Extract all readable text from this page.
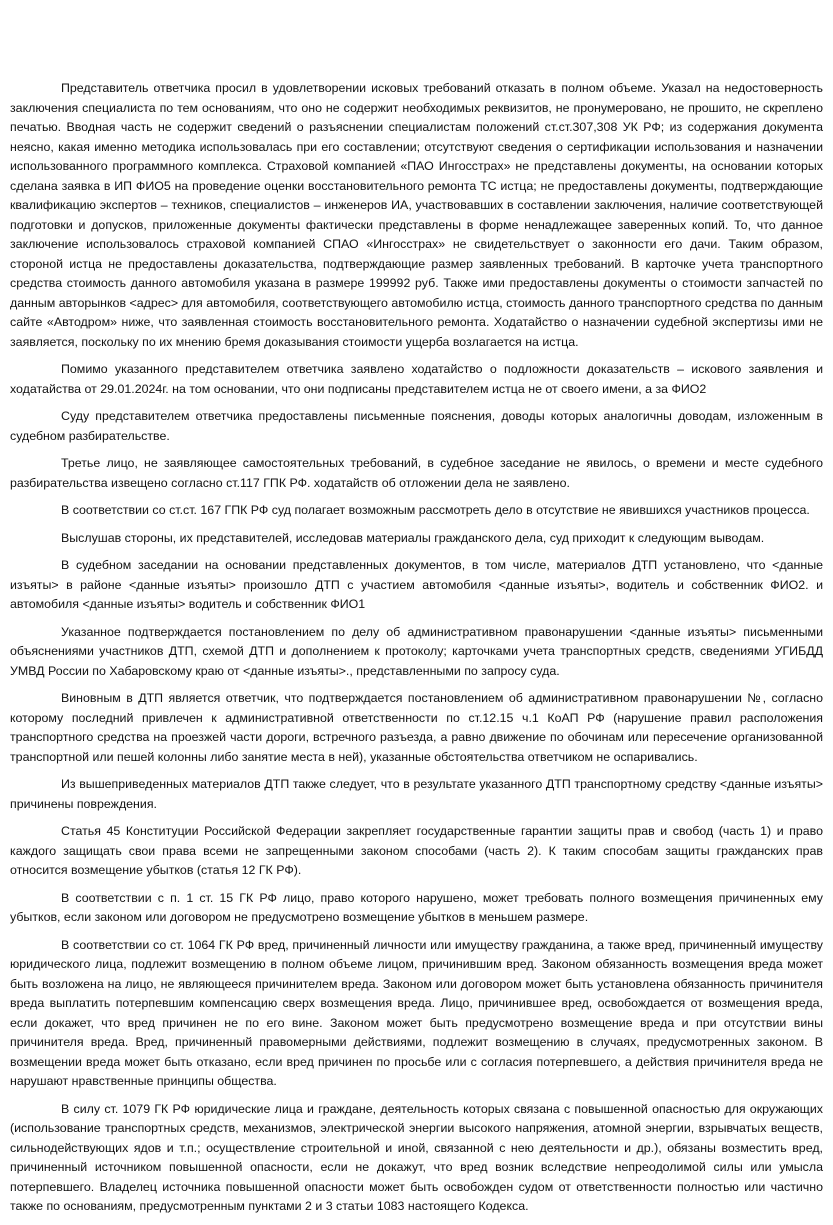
Представитель ответчика просил в удовлетворении исковых требований отказать в полном объеме. Указал на недостоверность заключения специалиста по тем основаниям, что оно не содержит необходимых реквизитов, не пронумеровано, не прошито, не скреплено печатью. Вводная часть не содержит сведений о разъяснении специалистам положений ст.ст.307,308 УК РФ; из содержания документа неясно, какая именно методика использовалась при его составлении; отсутствуют сведения о сертификации использования и назначении использованного программного комплекса. Страховой компанией «ПАО Ингосстрах» не представлены документы, на основании которых сделана заявка в ИП ФИО5 на проведение оценки восстановительного ремонта ТС истца; не предоставлены документы, подтверждающие квалификацию экспертов – техников, специалистов – инженеров ИА, участвовавших в составлении заключения, наличие соответствующей подготовки и допусков, приложенные документы фактически представлены в форме ненадлежащее заверенных копий. То, что данное заключение использовалось страховой компанией СПАО «Ингосстрах» не свидетельствует о законности его дачи. Таким образом, стороной истца не предоставлены доказательства, подтверждающие размер заявленных требований. В карточке учета транспортного средства стоимость данного автомобиля указана в размере 199992 руб. Также ими предоставлены документы о стоимости запчастей по данным авторынков <адрес> для автомобиля, соответствующего автомобилю истца, стоимость данного транспортного средства по данным сайте «Автодром» ниже, что заявленная стоимость восстановительного ремонта. Ходатайство о назначении судебной экспертизы ими не заявляется, поскольку по их мнению бремя доказывания стоимости ущерба возлагается на истца.

Помимо указанного представителем ответчика заявлено ходатайство о подложности доказательств – искового заявления и ходатайства от 29.01.2024г. на том основании, что они подписаны представителем истца не от своего имени, а за ФИО2

Суду представителем ответчика предоставлены письменные пояснения, доводы которых аналогичны доводам, изложенным в судебном разбирательстве.

Третье лицо, не заявляющее самостоятельных требований, в судебное заседание не явилось, о времени и месте судебного разбирательства извещено согласно ст.117 ГПК РФ. ходатайств об отложении дела не заявлено.

В соответствии со ст.ст. 167 ГПК РФ суд полагает возможным рассмотреть дело в отсутствие не явившихся участников процесса.

Выслушав стороны, их представителей, исследовав материалы гражданского дела, суд приходит к следующим выводам.

В судебном заседании на основании представленных документов, в том числе, материалов ДТП установлено, что <данные изъяты> в районе <данные изъяты> произошло ДТП с участием автомобиля <данные изъяты>, водитель и собственник ФИО2. и автомобиля <данные изъяты> водитель и собственник ФИО1

Указанное подтверждается постановлением по делу об административном правонарушении <данные изъяты> письменными объяснениями участников ДТП, схемой ДТП и дополнением к протоколу; карточками учета транспортных средств, сведениями УГИБДД УМВД России по Хабаровскому краю от <данные изъяты>., представленными по запросу суда.

Виновным в ДТП является ответчик, что подтверждается постановлением об административном правонарушении №, согласно которому последний привлечен к административной ответственности по ст.12.15 ч.1 КоАП РФ (нарушение правил расположения транспортного средства на проезжей части дороги, встречного разъезда, а равно движение по обочинам или пересечение организованной транспортной или пешей колонны либо занятие места в ней), указанные обстоятельства ответчиком не оспаривались.

Из вышеприведенных материалов ДТП также следует, что в результате указанного ДТП транспортному средству <данные изъяты> причинены повреждения.

Статья 45 Конституции Российской Федерации закрепляет государственные гарантии защиты прав и свобод (часть 1) и право каждого защищать свои права всеми не запрещенными законом способами (часть 2). К таким способам защиты гражданских прав относится возмещение убытков (статья 12 ГК РФ).

В соответствии с п. 1 ст. 15 ГК РФ лицо, право которого нарушено, может требовать полного возмещения причиненных ему убытков, если законом или договором не предусмотрено возмещение убытков в меньшем размере.

В соответствии со ст. 1064 ГК РФ вред, причиненный личности или имуществу гражданина, а также вред, причиненный имуществу юридического лица, подлежит возмещению в полном объеме лицом, причинившим вред. Законом обязанность возмещения вреда может быть возложена на лицо, не являющееся причинителем вреда. Законом или договором может быть установлена обязанность причинителя вреда выплатить потерпевшим компенсацию сверх возмещения вреда. Лицо, причинившее вред, освобождается от возмещения вреда, если докажет, что вред причинен не по его вине. Законом может быть предусмотрено возмещение вреда и при отсутствии вины причинителя вреда. Вред, причиненный правомерными действиями, подлежит возмещению в случаях, предусмотренных законом. В возмещении вреда может быть отказано, если вред причинен по просьбе или с согласия потерпевшего, а действия причинителя вреда не нарушают нравственные принципы общества.

В силу ст. 1079 ГК РФ юридические лица и граждане, деятельность которых связана с повышенной опасностью для окружающих (использование транспортных средств, механизмов, электрической энергии высокого напряжения, атомной энергии, взрывчатых веществ, сильнодействующих ядов и т.п.; осуществление строительной и иной, связанной с нею деятельности и др.), обязаны возместить вред, причиненный источником повышенной опасности, если не докажут, что вред возник вследствие непреодолимой силы или умысла потерпевшего. Владелец источника повышенной опасности может быть освобожден судом от ответственности полностью или частично также по основаниям, предусмотренным пунктами 2 и 3 статьи 1083 настоящего Кодекса.
